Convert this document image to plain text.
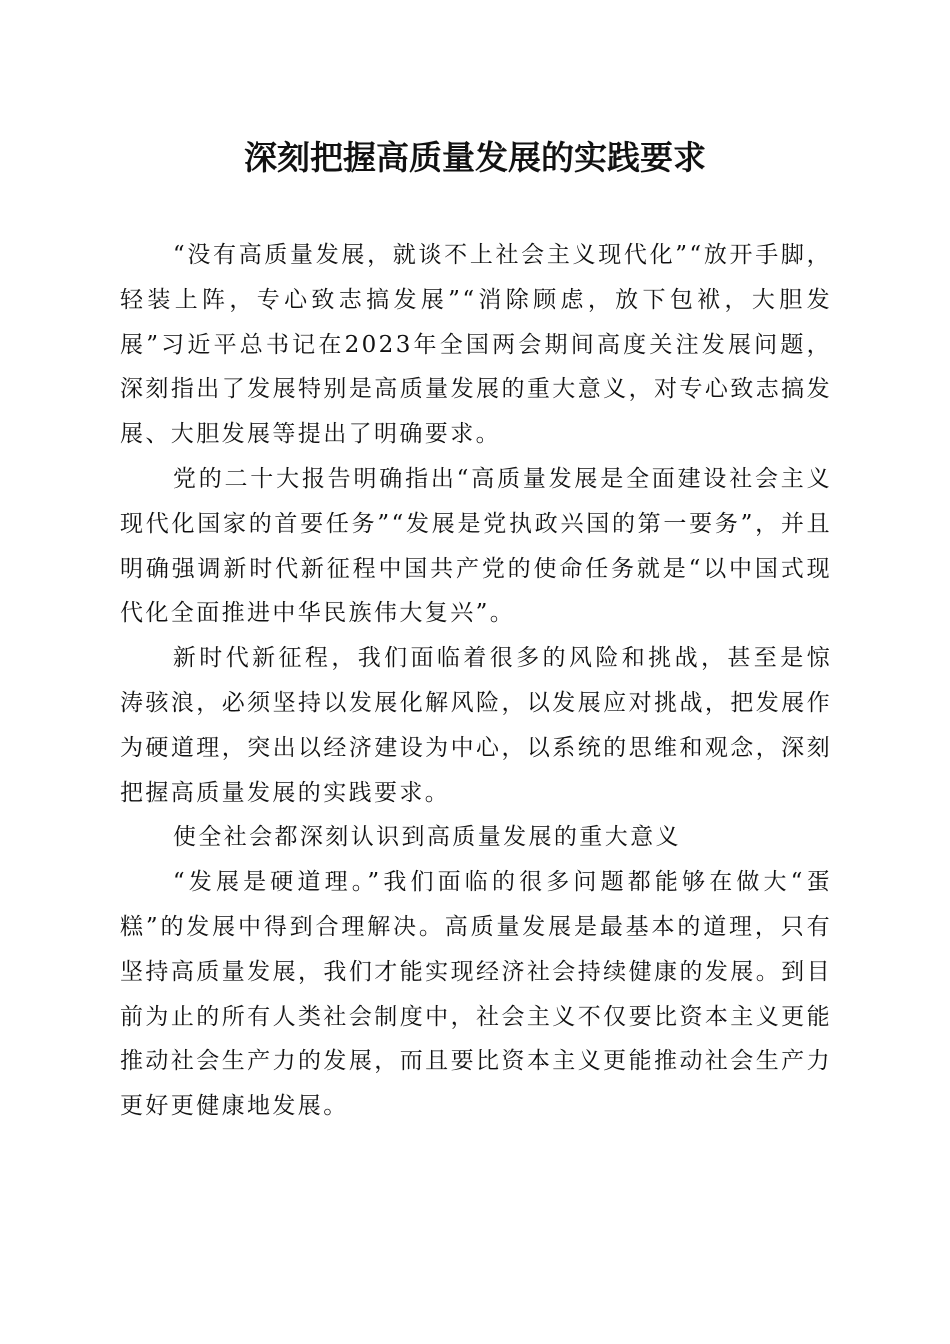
深刻把握高质量发展的实践要求

“没有高质量发展，就谈不上社会主义现代化”“放开手脚，轻装上阵，专心致志搞发展”“消除顾虑，放下包袱，大胆发展”习近平总书记在2023年全国两会期间高度关注发展问题，深刻指出了发展特别是高质量发展的重大意义，对专心致志搞发展、大胆发展等提出了明确要求。

党的二十大报告明确指出“高质量发展是全面建设社会主义现代化国家的首要任务”“发展是党执政兴国的第一要务”，并且明确强调新时代新征程中国共产党的使命任务就是“以中国式现代化全面推进中华民族伟大复兴”。

新时代新征程，我们面临着很多的风险和挑战，甚至是惊涛骇浪，必须坚持以发展化解风险，以发展应对挑战，把发展作为硬道理，突出以经济建设为中心，以系统的思维和观念，深刻把握高质量发展的实践要求。

使全社会都深刻认识到高质量发展的重大意义

“发展是硬道理。”我们面临的很多问题都能够在做大“蛋糕”的发展中得到合理解决。高质量发展是最基本的道理，只有坚持高质量发展，我们才能实现经济社会持续健康的发展。到目前为止的所有人类社会制度中，社会主义不仅要比资本主义更能推动社会生产力的发展，而且要比资本主义更能推动社会生产力更好更健康地发展。
